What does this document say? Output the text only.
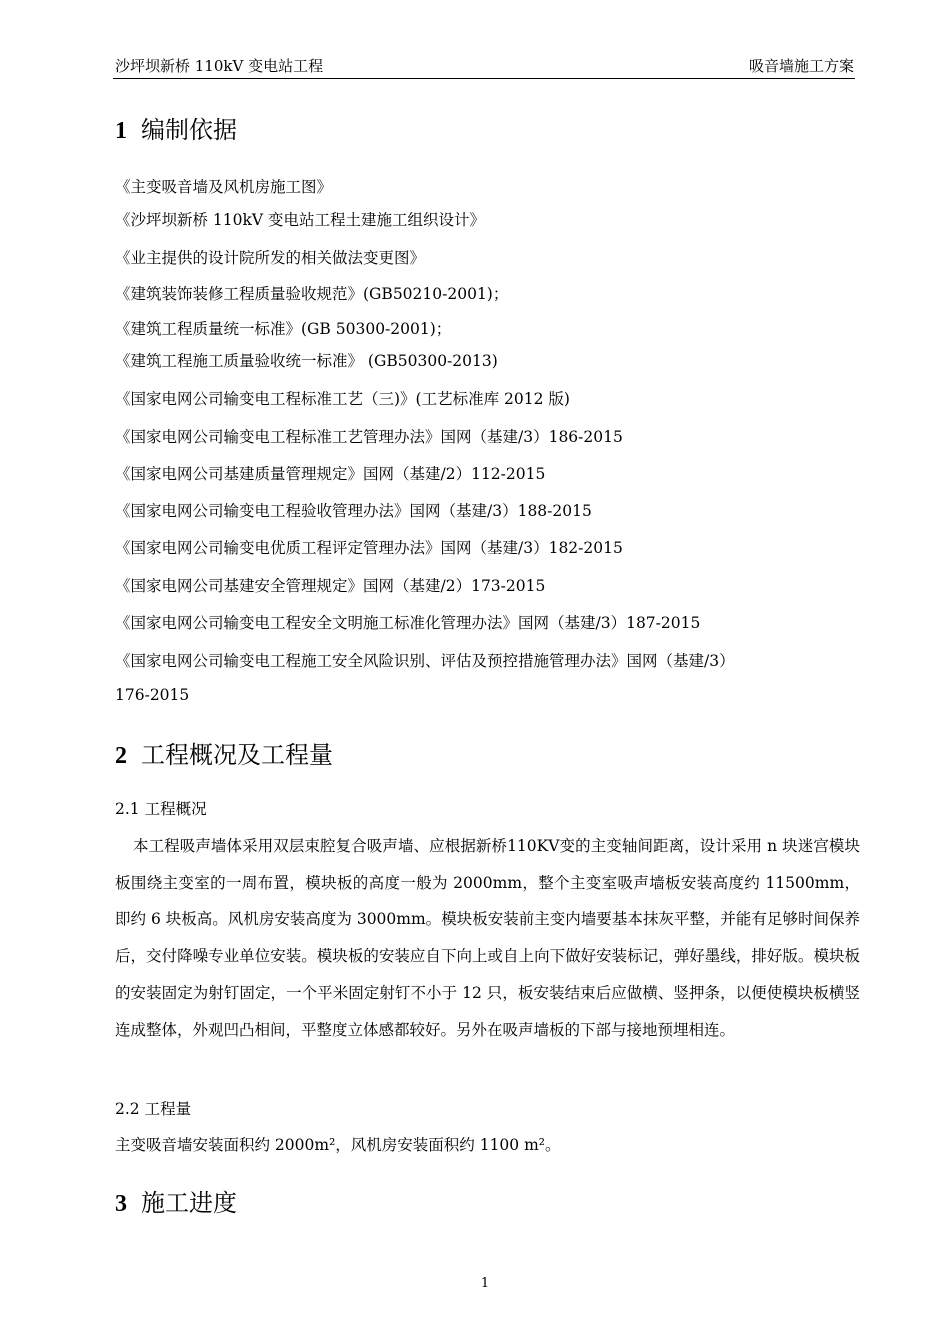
沙坪坝新桥 110kV 变电站工程	吸音墙施工方案
1 编制依据
《主变吸音墙及风机房施工图》
《沙坪坝新桥 110kV 变电站工程土建施工组织设计》
《业主提供的设计院所发的相关做法变更图》
《建筑装饰装修工程质量验收规范》(GB50210-2001)；
《建筑工程质量统一标准》(GB 50300-2001)；
《建筑工程施工质量验收统一标准》 (GB50300-2013)
《国家电网公司输变电工程标准工艺（三)》(工艺标准库 2012 版)
《国家电网公司输变电工程标准工艺管理办法》国网（基建/3）186-2015
《国家电网公司基建质量管理规定》国网（基建/2）112-2015
《国家电网公司输变电工程验收管理办法》国网（基建/3）188-2015
《国家电网公司输变电优质工程评定管理办法》国网（基建/3）182-2015
《国家电网公司基建安全管理规定》国网（基建/2）173-2015
《国家电网公司输变电工程安全文明施工标准化管理办法》国网（基建/3）187-2015
《国家电网公司输变电工程施工安全风险识别、评估及预控措施管理办法》国网（基建/3）
176-2015
2 工程概况及工程量
2.1 工程概况
本工程吸声墙体采用双层束腔复合吸声墙、应根据新桥110KV变的主变轴间距离，设计采用 n 块迷宫模块板围绕主变室的一周布置，模块板的高度一般为 2000mm，整个主变室吸声墙板安装高度约 11500mm，即约 6 块板高。风机房安装高度为 3000mm。模块板安装前主变内墙要基本抹灰平整，并能有足够时间保养后，交付降噪专业单位安装。模块板的安装应自下向上或自上向下做好安装标记，弹好墨线，排好版。模块板的安装固定为射钉固定，一个平米固定射钉不小于 12 只，板安装结束后应做横、竖押条，以便使模块板横竖连成整体，外观凹凸相间，平整度立体感都较好。另外在吸声墙板的下部与接地预埋相连。
2.2 工程量
主变吸音墙安装面积约 2000m²，风机房安装面积约 1100 m²。
3 施工进度
1
